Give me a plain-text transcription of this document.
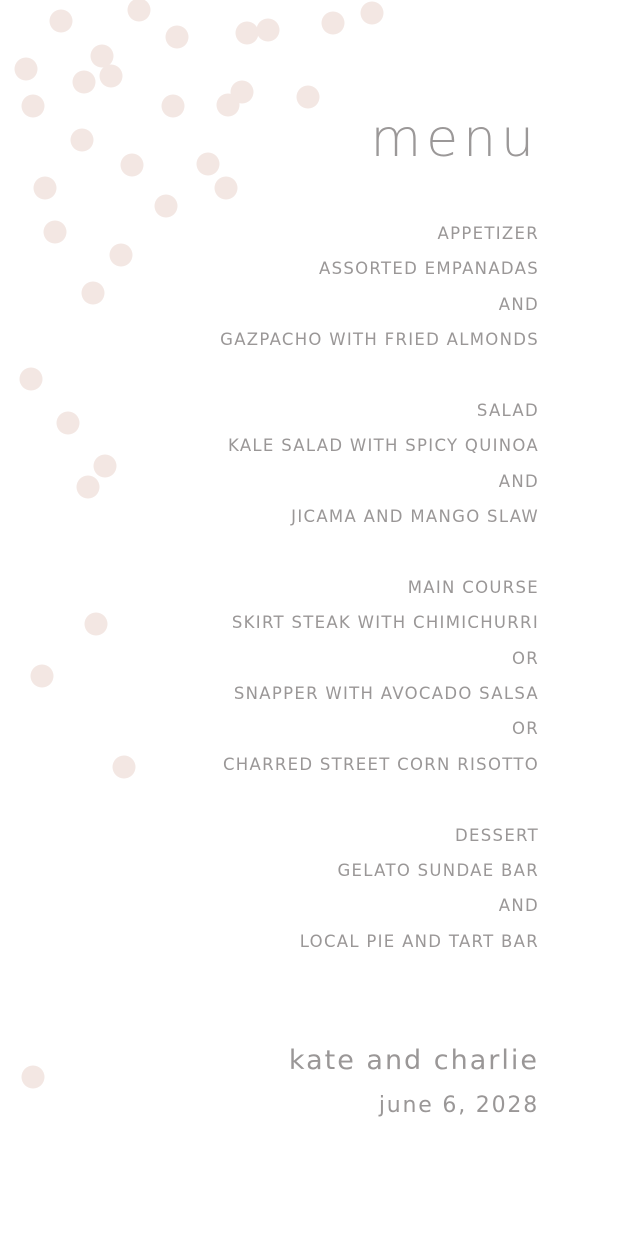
menu
APPETIZER
ASSORTED EMPANADAS
AND
GAZPACHO WITH FRIED ALMONDS
SALAD
KALE SALAD WITH SPICY QUINOA
AND
JICAMA AND MANGO SLAW
MAIN COURSE
SKIRT STEAK WITH CHIMICHURRI
OR
SNAPPER WITH AVOCADO SALSA
OR
CHARRED STREET CORN RISOTTO
DESSERT
GELATO SUNDAE BAR
AND
LOCAL PIE AND TART BAR
kate and charlie
june 6, 2028
